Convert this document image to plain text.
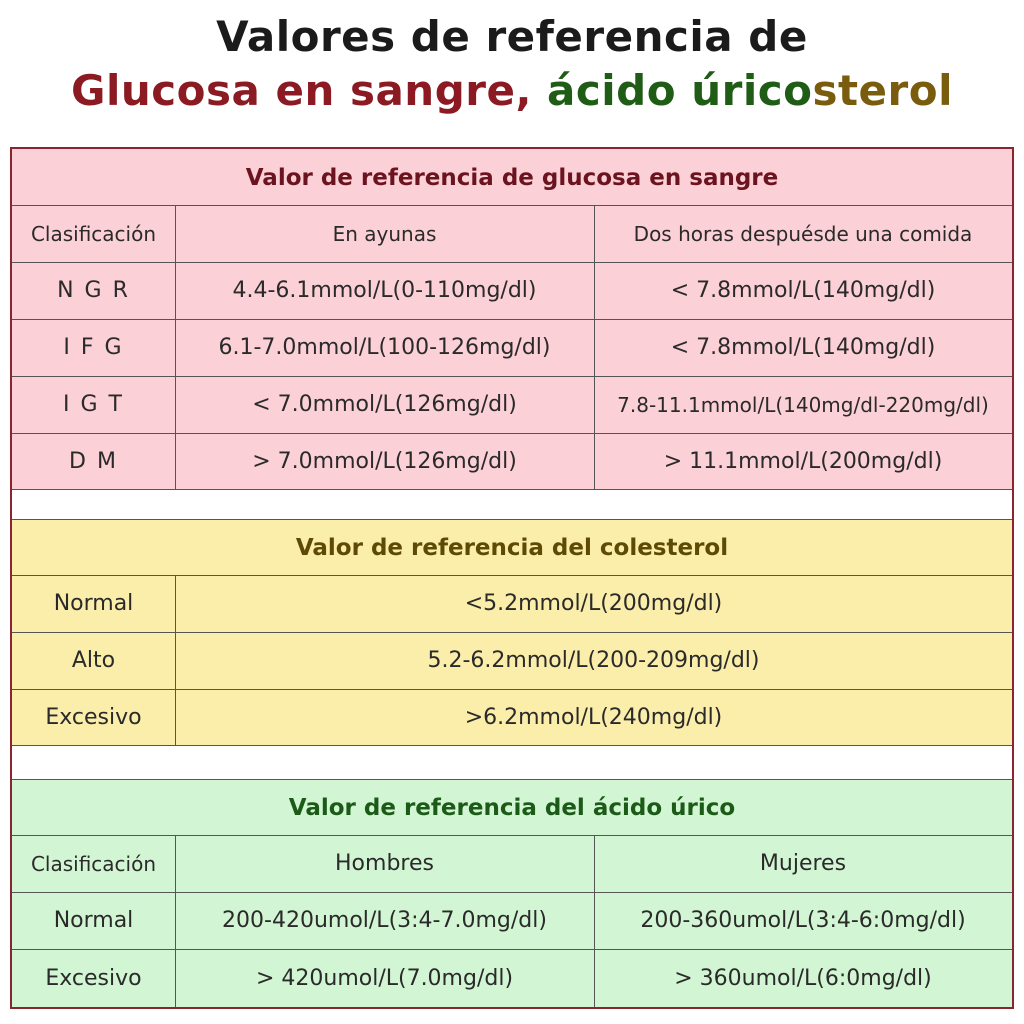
Valores de referencia de
Glucosa en sangre, ácido úricosterol
Valor de referencia de glucosa en sangre
Clasificación	En ayunas	Dos horas despuésde una comida
N G R	4.4-6.1mmol/L(0-110mg/dl)	< 7.8mmol/L(140mg/dl)
I F G	6.1-7.0mmol/L(100-126mg/dl)	< 7.8mmol/L(140mg/dl)
I G T	< 7.0mmol/L(126mg/dl)	7.8-11.1mmol/L(140mg/dl-220mg/dl)
D M	> 7.0mmol/L(126mg/dl)	> 11.1mmol/L(200mg/dl)
Valor de referencia del colesterol
Normal	<5.2mmol/L(200mg/dl)
Alto	5.2-6.2mmol/L(200-209mg/dl)
Excesivo	>6.2mmol/L(240mg/dl)
Valor de referencia del ácido úrico
Clasificación	Hombres	Mujeres
Normal	200-420umol/L(3:4-7.0mg/dl)	200-360umol/L(3:4-6:0mg/dl)
Excesivo	> 420umol/L(7.0mg/dl)	> 360umol/L(6:0mg/dl)
